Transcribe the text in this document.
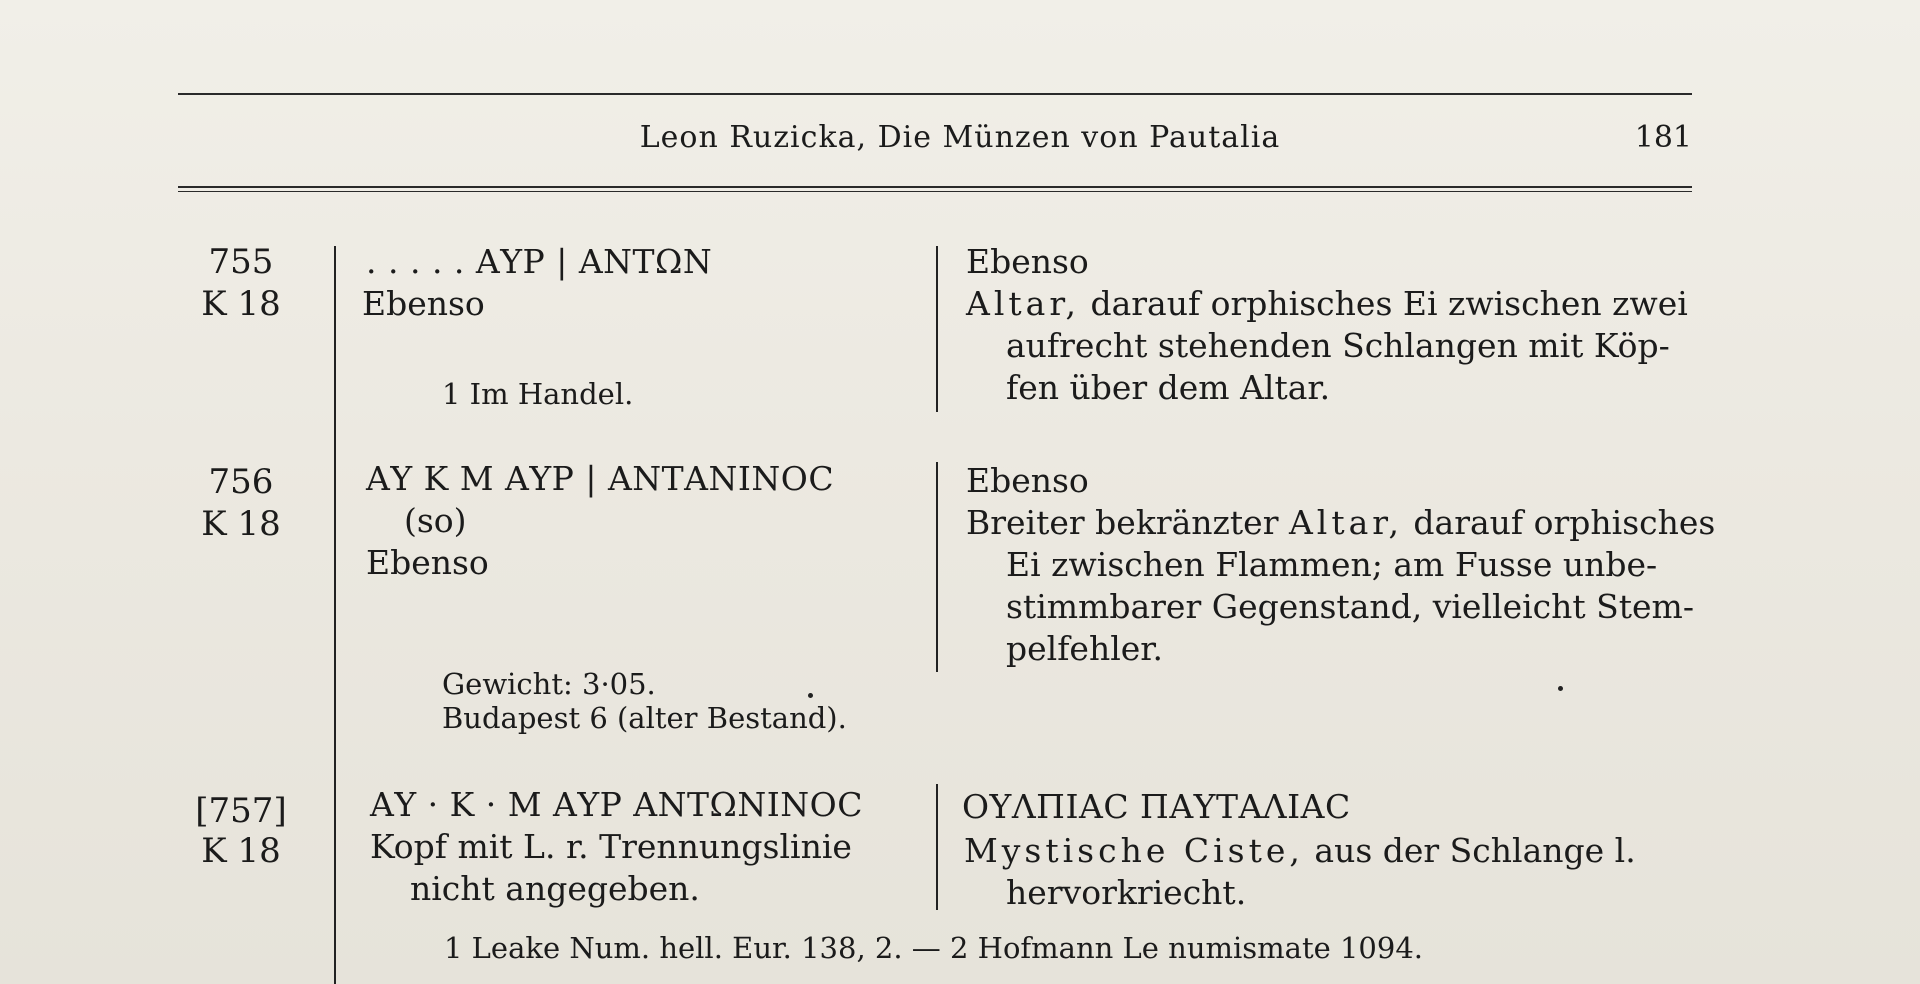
Leon Ruzicka, Die Münzen von Pautalia	181
755
K 18
. . . . . ΑΥΡ | ΑΝΤΩΝ
Ebenso
Ebenso
Altar, darauf orphisches Ei zwischen zwei
aufrecht stehenden Schlangen mit Köp-
fen über dem Altar.
1 Im Handel.
756
K 18
ΑΥ Κ Μ ΑΥΡ | ΑΝΤΑΝΙΝΟϹ
(so)
Ebenso
Ebenso
Breiter bekränzter Altar, darauf orphisches
Ei zwischen Flammen; am Fusse unbe-
stimmbarer Gegenstand, vielleicht Stem-
pelfehler.
Gewicht: 3·05.
Budapest 6 (alter Bestand).
[757]
K 18
ΑΥ · Κ · Μ ΑΥΡ ΑΝΤΩΝΙΝΟϹ
Kopf mit L. r. Trennungslinie
nicht angegeben.
ΟΥΛΠΙΑϹ ΠΑΥΤΑΛΙΑϹ
Mystische Ciste, aus der Schlange l.
hervorkriecht.
1 Leake Num. hell. Eur. 138, 2. — 2 Hofmann Le numismate 1094.
